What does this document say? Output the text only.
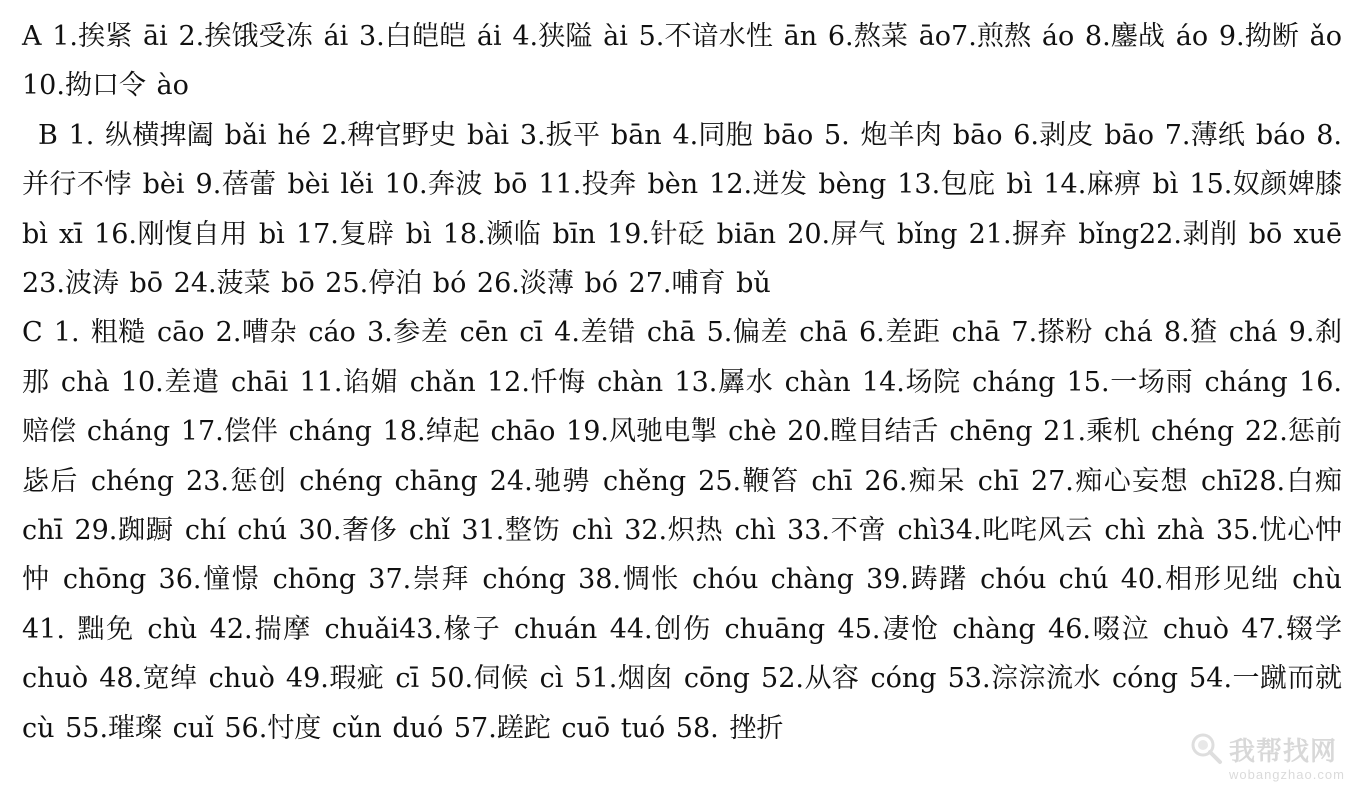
A 1.挨紧 āi 2.挨饿受冻 ái 3.白皑皑 ái 4.狭隘 ài 5.不谙水性 ān 6.熬菜 āo7.煎熬 áo 8.鏖战 áo 9.拗断 ǎo 10.拗口令 ào

B 1. 纵横捭阖 bǎi hé 2.稗官野史 bài 3.扳平 bān 4.同胞 bāo 5. 炮羊肉 bāo 6.剥皮 bāo 7.薄纸 báo 8.并行不悖 bèi 9.蓓蕾 bèi lěi 10.奔波 bō 11.投奔 bèn 12.迸发 bèng 13.包庇 bì 14.麻痹 bì 15.奴颜婢膝 bì xī 16.刚愎自用 bì 17.复辟 bì 18.濒临 bīn 19.针砭 biān 20.屏气 bǐng 21.摒弃 bǐng22.剥削 bō xuē 23.波涛 bō 24.菠菜 bō 25.停泊 bó 26.淡薄 bó 27.哺育 bǔ

C 1. 粗糙 cāo 2.嘈杂 cáo 3.参差 cēn cī 4.差错 chā 5.偏差 chā 6.差距 chā 7.搽粉 chá 8.猹 chá 9.刹那 chà 10.差遣 chāi 11.谄媚 chǎn 12.忏悔 chàn 13.羼水 chàn 14.场院 cháng 15.一场雨 cháng 16.赔偿 cháng 17.偿伴 cháng 18.绰起 chāo 19.风驰电掣 chè 20.瞠目结舌 chēng 21.乘机 chéng 22.惩前毖后 chéng 23.惩创 chéng chāng 24.驰骋 chěng 25.鞭笞 chī 26.痴呆 chī 27.痴心妄想 chī28.白痴 chī 29.踟蹰 chí chú 30.奢侈 chǐ 31.整饬 chì 32.炽热 chì 33.不啻 chì34.叱咤风云 chì zhà 35.忧心忡忡 chōng 36.憧憬 chōng 37.崇拜 chóng 38.惆怅 chóu chàng 39.踌躇 chóu chú 40.相形见绌 chù 41. 黜免 chù 42.揣摩 chuǎi43.椽子 chuán 44.创伤 chuāng 45.凄怆 chàng 46.啜泣 chuò 47.辍学 chuò 48.宽绰 chuò 49.瑕疵 cī 50.伺候 cì 51.烟囱 cōng 52.从容 cóng 53.淙淙流水 cóng 54.一蹴而就 cù 55.璀璨 cuǐ 56.忖度 cǔn duó 57.蹉跎 cuō tuó 58. 挫折

我帮找网
wobangzhao.com
